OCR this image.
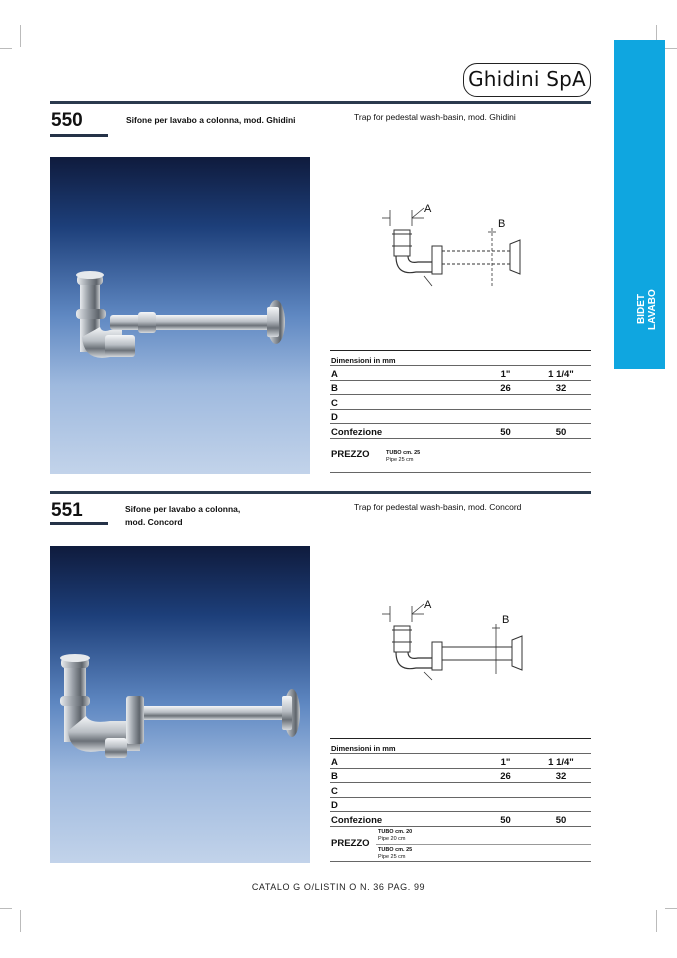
Ghidini SpA
BIDET LAVABO
550	Sifone per lavabo a colonna, mod. Ghidini	Trap for pedestal wash-basin, mod. Ghidini
A
B
Dimensioni in mm		
A	1"	1 1/4"
B	26	32
C		
D		
Confezione	50	50
PREZZO	TUBO cm. 25
Pipe 25 cm
551	Sifone per lavabo a colonna,
mod. Concord
Trap for pedestal wash-basin, mod. Concord
A
B
Dimensioni in mm		
A	1"	1 1/4"
B	26	32
C		
D		
Confezione	50	50
PREZZO
TUBO cm. 20
Pipe 20 cm
TUBO cm. 25
Pipe 25 cm
CATALO G O/LISTIN O N. 36 PAG. 99
